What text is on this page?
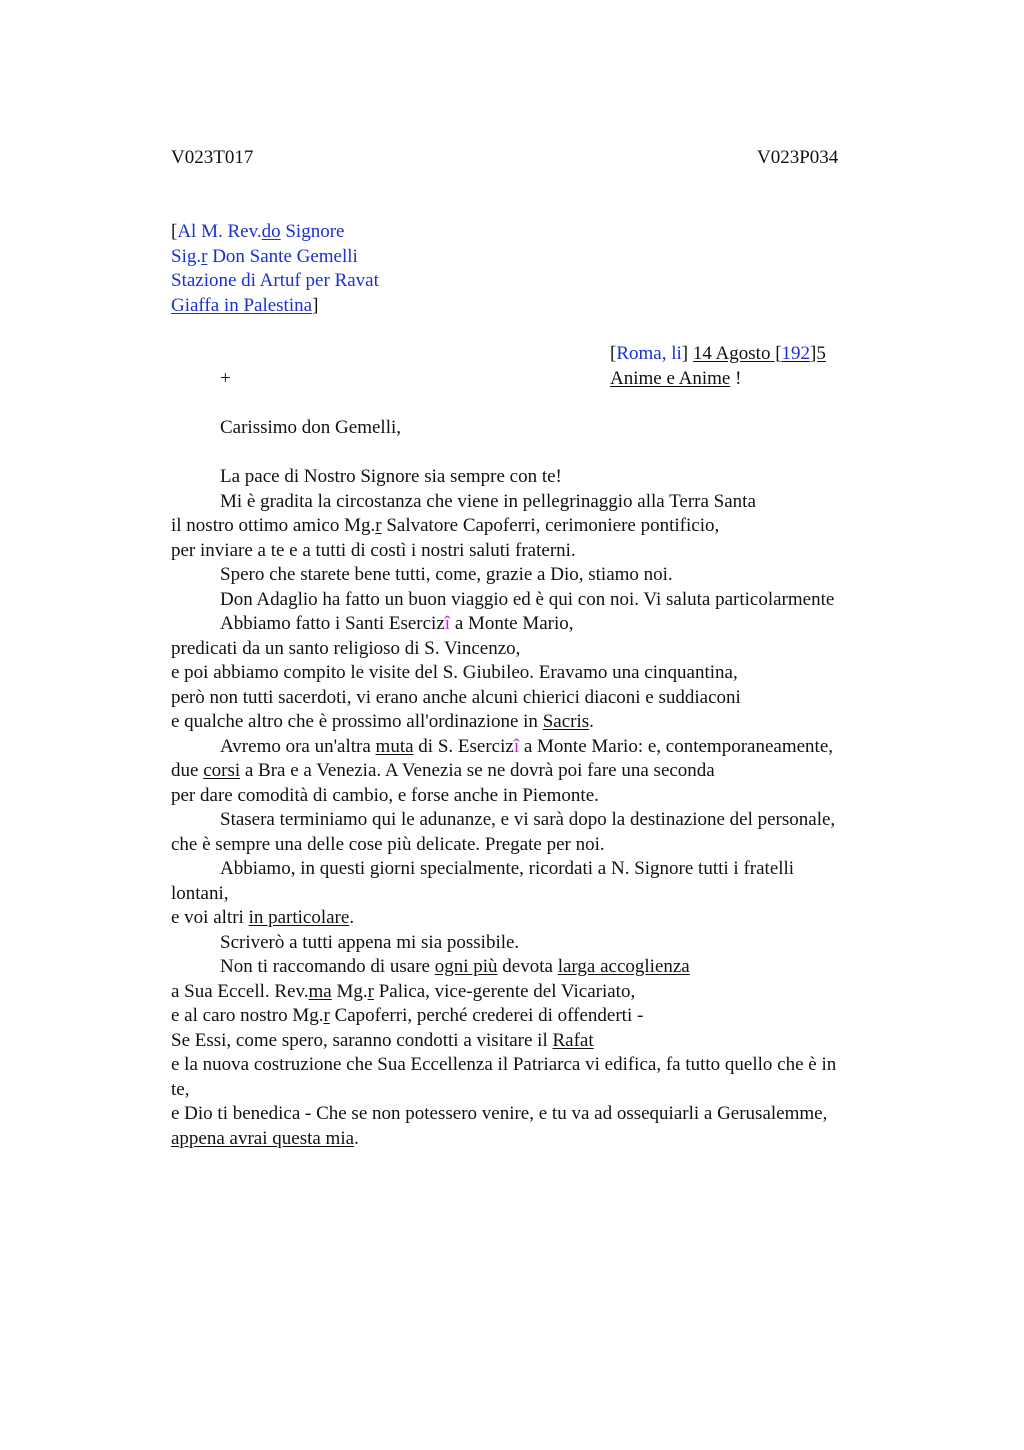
V023T017	V023P034
[Al M. Rev.do Signore
Sig.r Don Sante Gemelli
Stazione di Artuf per Ravat
Giaffa in Palestina]
[Roma, li] 14 Agosto [192]5
Anime e Anime !
+
Carissimo don Gemelli,
La pace di Nostro Signore sia sempre con te!
Mi è gradita la circostanza che viene in pellegrinaggio alla Terra Santa
il nostro ottimo amico Mg.r Salvatore Capoferri, cerimoniere pontificio,
per inviare a te e a tutti di costì i nostri saluti fraterni.
Spero che starete bene tutti, come, grazie a Dio, stiamo noi.
Don Adaglio ha fatto un buon viaggio ed è qui con noi. Vi saluta particolarmente
Abbiamo fatto i Santi Esercizî a Monte Mario,
predicati da un santo religioso di S. Vincenzo,
e poi abbiamo compito le visite del S. Giubileo. Eravamo una cinquantina,
però non tutti sacerdoti, vi erano anche alcuni chierici diaconi e suddiaconi
e qualche altro che è prossimo all'ordinazione in Sacris.
Avremo ora un'altra muta di S. Esercizî a Monte Mario: e, contemporaneamente,
due corsi a Bra e a Venezia. A Venezia se ne dovrà poi fare una seconda
per dare comodità di cambio, e forse anche in Piemonte.
Stasera terminiamo qui le adunanze, e vi sarà dopo la destinazione del personale,
che è sempre una delle cose più delicate. Pregate per noi.
Abbiamo, in questi giorni specialmente, ricordati a N. Signore tutti i fratelli
lontani,
e voi altri in particolare.
Scriverò a tutti appena mi sia possibile.
Non ti raccomando di usare ogni più devota larga accoglienza
a Sua Eccell. Rev.ma Mg.r Palica, vice-gerente del Vicariato,
e al caro nostro Mg.r Capoferri, perché crederei di offenderti -
Se Essi, come spero, saranno condotti a visitare il Rafat
e la nuova costruzione che Sua Eccellenza il Patriarca vi edifica, fa tutto quello che è in
te,
e Dio ti benedica - Che se non potessero venire, e tu va ad ossequiarli a Gerusalemme,
appena avrai questa mia.
